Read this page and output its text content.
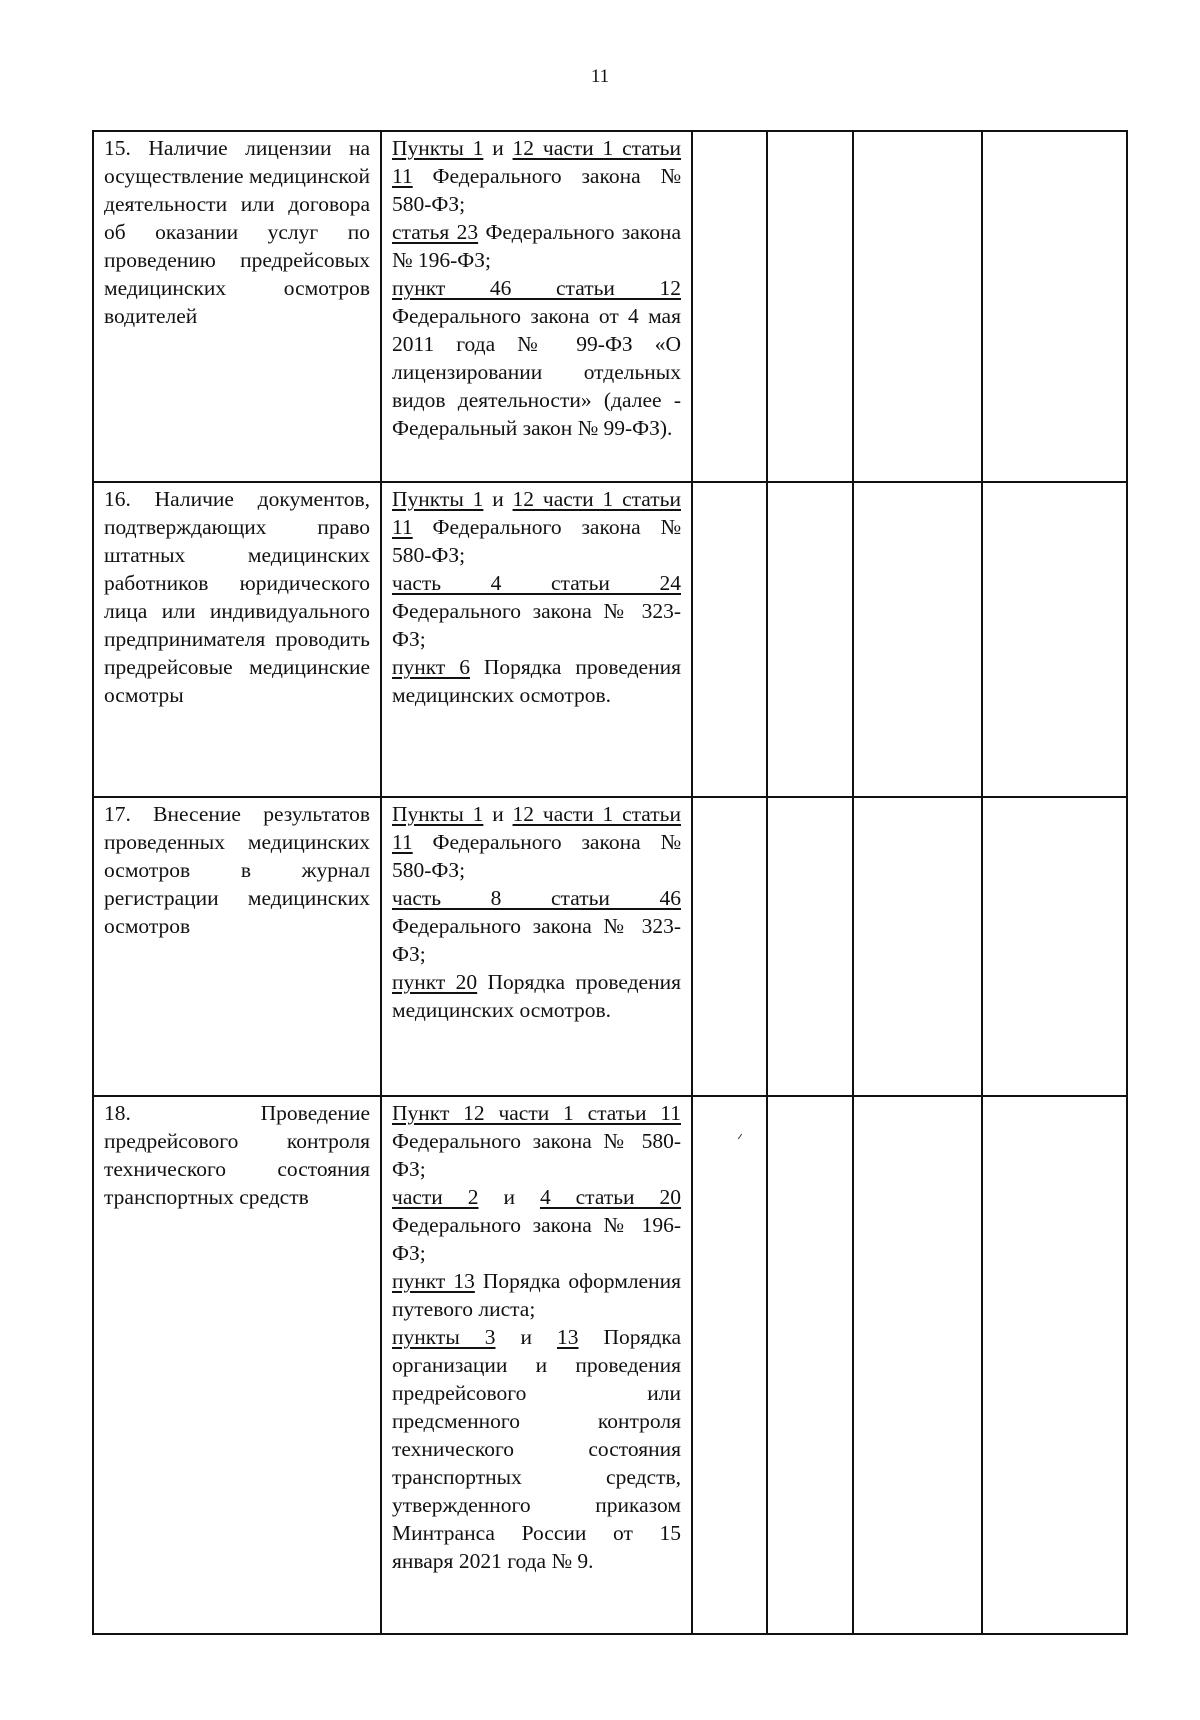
11
15. Наличие лицензии на осуществление медицинской деятельности или договора об оказании услуг по проведению предрейсовых медицинских осмотров водителей	Пункты 1 и 12 части 1 статьи 11 Федерального закона № 580-ФЗ;
статья 23 Федерального закона № 196-ФЗ;
пункт 46 статьи 12 Федерального закона от 4 мая 2011 года № 99-ФЗ «О лицензировании отдельных видов деятельности» (далее - Федеральный закон № 99-ФЗ).				

16. Наличие документов, подтверждающих право штатных медицинских работников юридического лица или индивидуального предпринимателя проводить предрейсовые медицинские осмотры	Пункты 1 и 12 части 1 статьи 11 Федерального закона № 580-ФЗ;
часть 4 статьи 24 Федерального закона № 323-ФЗ;
пункт 6 Порядка проведения медицинских осмотров.				

17. Внесение результатов проведенных медицинских осмотров в журнал регистрации медицинских осмотров	Пункты 1 и 12 части 1 статьи 11 Федерального закона № 580-ФЗ;
часть 8 статьи 46 Федерального закона № 323-ФЗ;
пункт 20 Порядка проведения медицинских осмотров.				

18. Проведение предрейсового контроля технического состояния транспортных средств	Пункт 12 части 1 статьи 11 Федерального закона № 580-ФЗ;
части 2 и 4 статьи 20 Федерального закона № 196-ФЗ;
пункт 13 Порядка оформления путевого листа;
пункты 3 и 13 Порядка организации и проведения предрейсового или предсменного контроля технического состояния транспортных средств, утвержденного приказом Минтранса России от 15 января 2021 года № 9.				
